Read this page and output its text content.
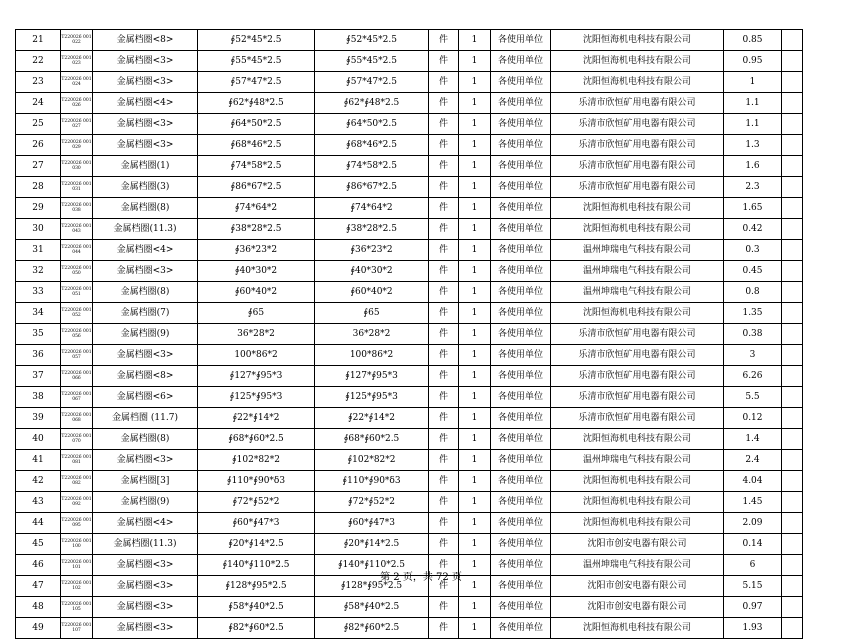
21	T220026 001022	金属档圈<8>	∮52*45*2.5	∮52*45*2.5	件	1	各使用单位	沈阳恒海机电科技有限公司	0.85	
22	T220026 001023	金属档圈<3>	∮55*45*2.5	∮55*45*2.5	件	1	各使用单位	沈阳恒海机电科技有限公司	0.95	
23	T220026 001024	金属档圈<3>	∮57*47*2.5	∮57*47*2.5	件	1	各使用单位	沈阳恒海机电科技有限公司	1	
24	T220026 001026	金属档圈<4>	∮62*∮48*2.5	∮62*∮48*2.5	件	1	各使用单位	乐清市欣恒矿用电器有限公司	1.1	
25	T220026 001027	金属档圈<3>	∮64*50*2.5	∮64*50*2.5	件	1	各使用单位	乐清市欣恒矿用电器有限公司	1.1	
26	T220026 001029	金属档圈<3>	∮68*46*2.5	∮68*46*2.5	件	1	各使用单位	乐清市欣恒矿用电器有限公司	1.3	
27	T220026 001030	金属档圈(1)	∮74*58*2.5	∮74*58*2.5	件	1	各使用单位	乐清市欣恒矿用电器有限公司	1.6	
28	T220026 001031	金属档圈(3)	∮86*67*2.5	∮86*67*2.5	件	1	各使用单位	乐清市欣恒矿用电器有限公司	2.3	
29	T220026 001038	金属档圈(8)	∮74*64*2	∮74*64*2	件	1	各使用单位	沈阳恒海机电科技有限公司	1.65	
30	T220026 001043	金属档圈(11.3)	∮38*28*2.5	∮38*28*2.5	件	1	各使用单位	沈阳恒海机电科技有限公司	0.42	
31	T220026 001044	金属档圈<4>	∮36*23*2	∮36*23*2	件	1	各使用单位	温州坤瑞电气科技有限公司	0.3	
32	T220026 001050	金属档圈<3>	∮40*30*2	∮40*30*2	件	1	各使用单位	温州坤瑞电气科技有限公司	0.45	
33	T220026 001051	金属档圈(8)	∮60*40*2	∮60*40*2	件	1	各使用单位	温州坤瑞电气科技有限公司	0.8	
34	T220026 001052	金属档圈(7)	∮65	∮65	件	1	各使用单位	沈阳恒海机电科技有限公司	1.35	
35	T220026 001056	金属档圈(9)	36*28*2	36*28*2	件	1	各使用单位	乐清市欣恒矿用电器有限公司	0.38	
36	T220026 001057	金属档圈<3>	100*86*2	100*86*2	件	1	各使用单位	乐清市欣恒矿用电器有限公司	3	
37	T220026 001066	金属档圈<8>	∮127*∮95*3	∮127*∮95*3	件	1	各使用单位	乐清市欣恒矿用电器有限公司	6.26	
38	T220026 001067	金属档圈<6>	∮125*∮95*3	∮125*∮95*3	件	1	各使用单位	乐清市欣恒矿用电器有限公司	5.5	
39	T220026 001068	金属档圈 (11.7)	∮22*∮14*2	∮22*∮14*2	件	1	各使用单位	乐清市欣恒矿用电器有限公司	0.12	
40	T220026 001070	金属档圈(8)	∮68*∮60*2.5	∮68*∮60*2.5	件	1	各使用单位	沈阳恒海机电科技有限公司	1.4	
41	T220026 001081	金属档圈<3>	∮102*82*2	∮102*82*2	件	1	各使用单位	温州坤瑞电气科技有限公司	2.4	
42	T220026 001082	金属档圈[3]	∮110*∮90*δ3	∮110*∮90*δ3	件	1	各使用单位	沈阳恒海机电科技有限公司	4.04	
43	T220026 001092	金属档圈(9)	∮72*∮52*2	∮72*∮52*2	件	1	各使用单位	沈阳恒海机电科技有限公司	1.45	
44	T220026 001095	金属档圈<4>	∮60*∮47*3	∮60*∮47*3	件	1	各使用单位	沈阳恒海机电科技有限公司	2.09	
45	T220026 001100	金属档圈(11.3)	∮20*∮14*2.5	∮20*∮14*2.5	件	1	各使用单位	沈阳市创安电器有限公司	0.14	
46	T220026 001101	金属档圈<3>	∮140*∮110*2.5	∮140*∮110*2.5	件	1	各使用单位	温州坤瑞电气科技有限公司	6	
47	T220026 001102	金属档圈<3>	∮128*∮95*2.5	∮128*∮95*2.5	件	1	各使用单位	沈阳市创安电器有限公司	5.15	
48	T220026 001105	金属档圈<3>	∮58*∮40*2.5	∮58*∮40*2.5	件	1	各使用单位	沈阳市创安电器有限公司	0.97	
49	T220026 001107	金属档圈<3>	∮82*∮60*2.5	∮82*∮60*2.5	件	1	各使用单位	沈阳恒海机电科技有限公司	1.93	
第 2 页，共 72 页
